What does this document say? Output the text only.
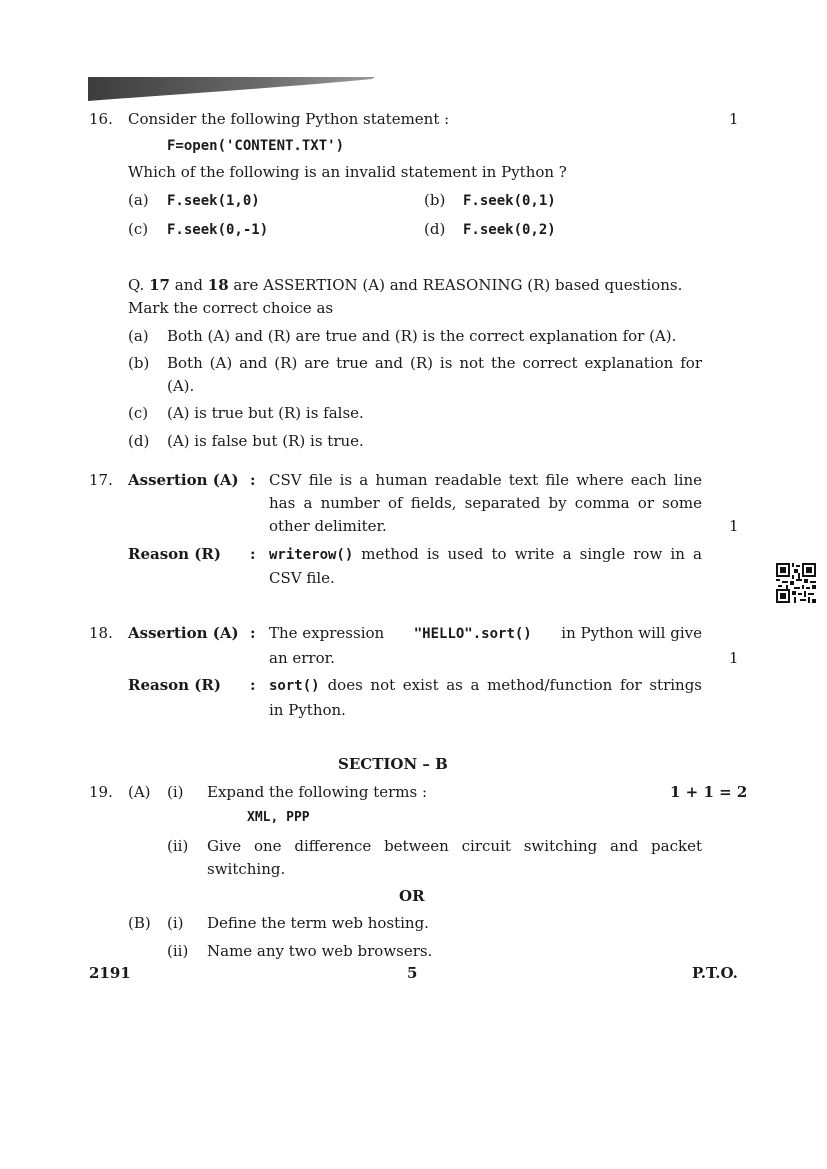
16. Consider the following Python statement :	1
F=open('CONTENT.TXT')
Which of the following is an invalid statement in Python ?
(a) F.seek(1,0)	(b) F.seek(0,1)
(c) F.seek(0,-1)	(d) F.seek(0,2)
Q. 17 and 18 are ASSERTION (A) and REASONING (R) based questions.
Mark the correct choice as
(a) Both (A) and (R) are true and (R) is the correct explanation for (A).
(b) Both (A) and (R) are true and (R) is not the correct explanation for
(A).
(c) (A) is true but (R) is false.
(d) (A) is false but (R) is true.
17. Assertion (A) : CSV file is a human readable text file where each line
has a number of fields, separated by comma or some
other delimiter.	1
Reason (R) : writerow() method is used to write a single row in a
CSV file.
18. Assertion (A) : The expression "HELLO".sort() in Python will give
an error.	1
Reason (R) : sort() does not exist as a method/function for strings
in Python.
SECTION – B
19. (A) (i) Expand the following terms :	1 + 1 = 2
XML, PPP
(ii) Give one difference between circuit switching and packet
switching.
OR
(B) (i) Define the term web hosting.
(ii) Name any two web browsers.
2191	5	P.T.O.
